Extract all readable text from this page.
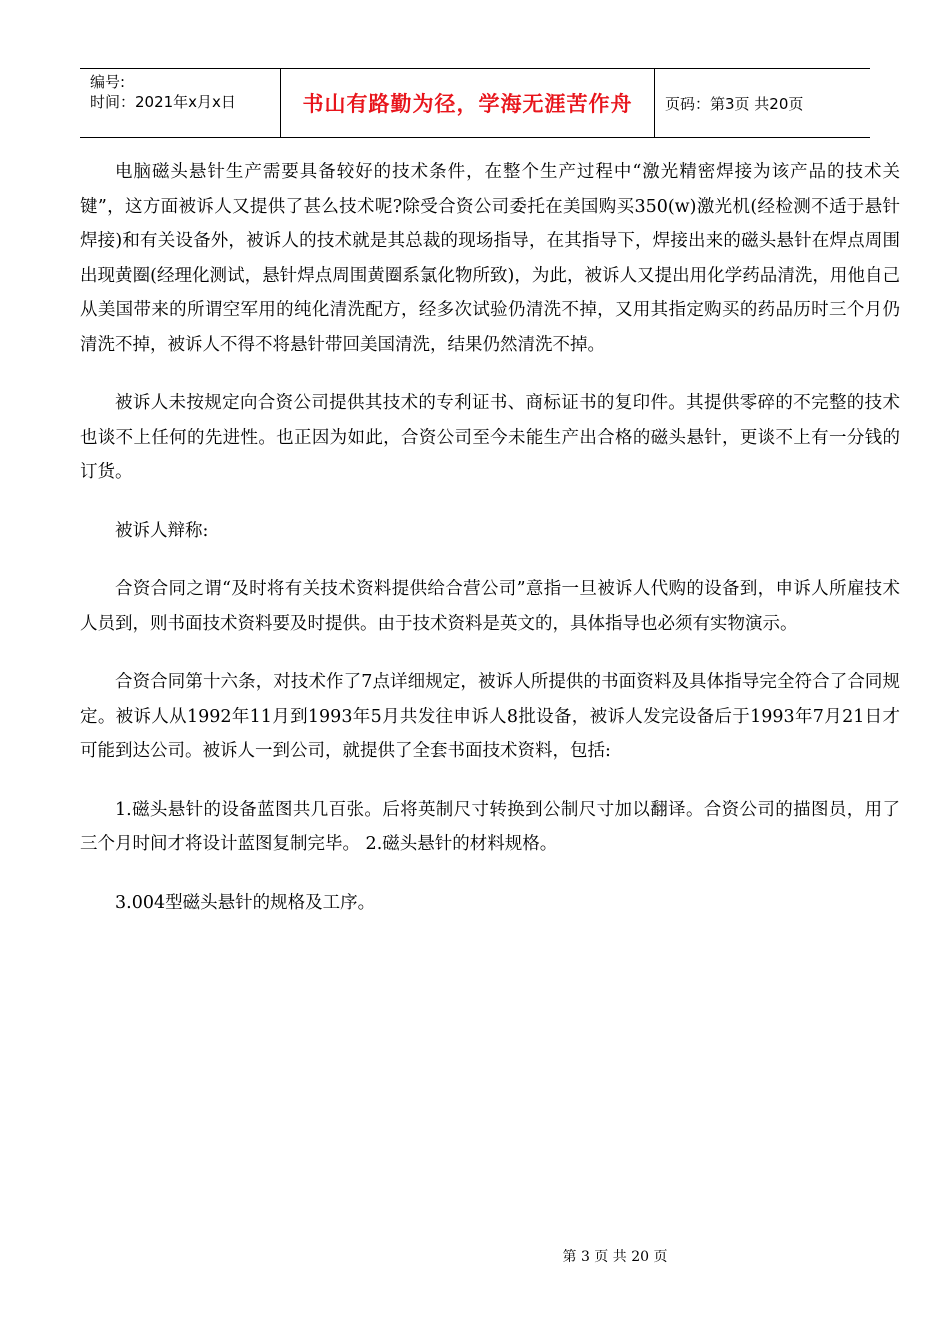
编号:
时间：2021年x月x日	书山有路勤为径，学海无涯苦作舟	页码：第3页 共20页

电脑磁头悬针生产需要具备较好的技术条件，在整个生产过程中“激光精密焊接为该产品的技术关键”，这方面被诉人又提供了甚么技术呢?除受合资公司委托在美国购买350(w)激光机(经检测不适于悬针焊接)和有关设备外，被诉人的技术就是其总裁的现场指导，在其指导下，焊接出来的磁头悬针在焊点周围出现黄圈(经理化测试，悬针焊点周围黄圈系氯化物所致)，为此，被诉人又提出用化学药品清洗，用他自己从美国带来的所谓空军用的纯化清洗配方，经多次试验仍清洗不掉，又用其指定购买的药品历时三个月仍清洗不掉，被诉人不得不将悬针带回美国清洗，结果仍然清洗不掉。

被诉人未按规定向合资公司提供其技术的专利证书、商标证书的复印件。其提供零碎的不完整的技术也谈不上任何的先进性。也正因为如此，合资公司至今未能生产出合格的磁头悬针，更谈不上有一分钱的订货。

被诉人辩称:

合资合同之谓“及时将有关技术资料提供给合营公司”意指一旦被诉人代购的设备到，申诉人所雇技术人员到，则书面技术资料要及时提供。由于技术资料是英文的，具体指导也必须有实物演示。

合资合同第十六条，对技术作了7点详细规定，被诉人所提供的书面资料及具体指导完全符合了合同规定。被诉人从1992年11月到1993年5月共发往申诉人8批设备，被诉人发完设备后于1993年7月21日才可能到达公司。被诉人一到公司，就提供了全套书面技术资料，包括:

1.磁头悬针的设备蓝图共几百张。后将英制尺寸转换到公制尺寸加以翻译。合资公司的描图员，用了三个月时间才将设计蓝图复制完毕。 2.磁头悬针的材料规格。

3.004型磁头悬针的规格及工序。

第 3 页 共 20 页
